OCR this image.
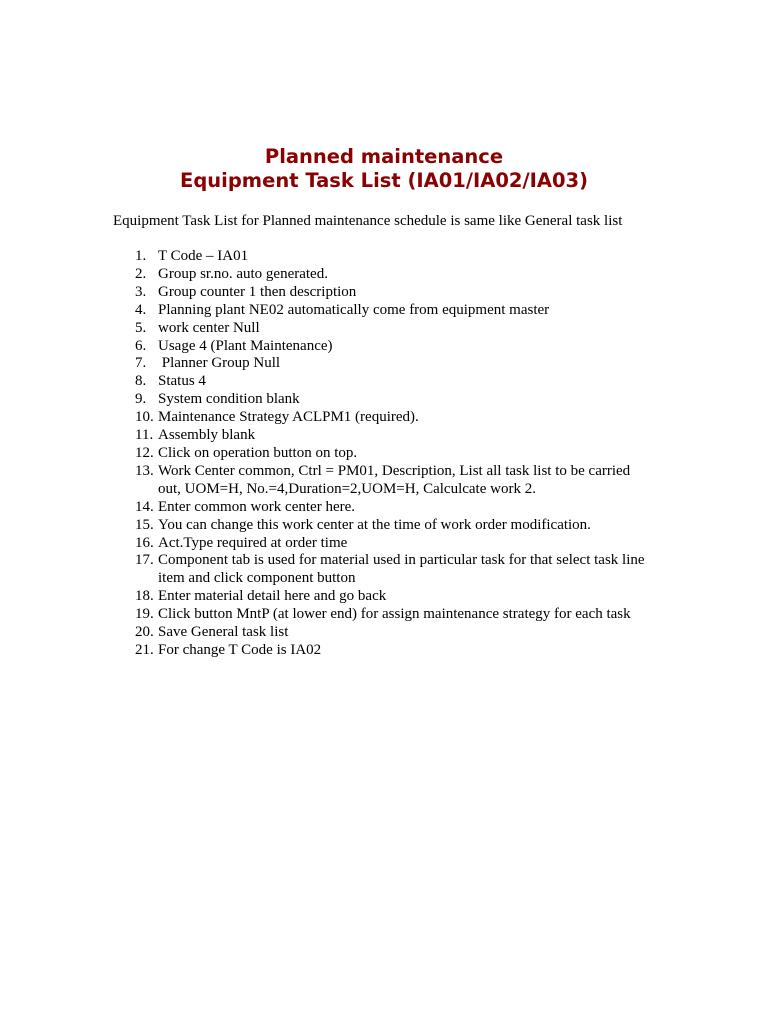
Planned maintenance
Equipment Task List (IA01/IA02/IA03)

Equipment Task List for Planned maintenance schedule is same like General task list

1. T Code – IA01
2. Group sr.no. auto generated.
3. Group counter 1 then description
4. Planning plant NE02 automatically come from equipment master
5. work center Null
6. Usage 4 (Plant Maintenance)
7. Planner Group Null
8. Status 4
9. System condition blank
10. Maintenance Strategy ACLPM1 (required).
11. Assembly blank
12. Click on operation button on top.
13. Work Center common, Ctrl = PM01, Description, List all task list to be carried out, UOM=H, No.=4,Duration=2,UOM=H, Calculcate work 2.
14. Enter common work center here.
15. You can change this work center at the time of work order modification.
16. Act.Type required at order time
17. Component tab is used for material used in particular task for that select task line item and click component button
18. Enter material detail here and go back
19. Click button MntP (at lower end) for assign maintenance strategy for each task
20. Save General task list
21. For change T Code is IA02
